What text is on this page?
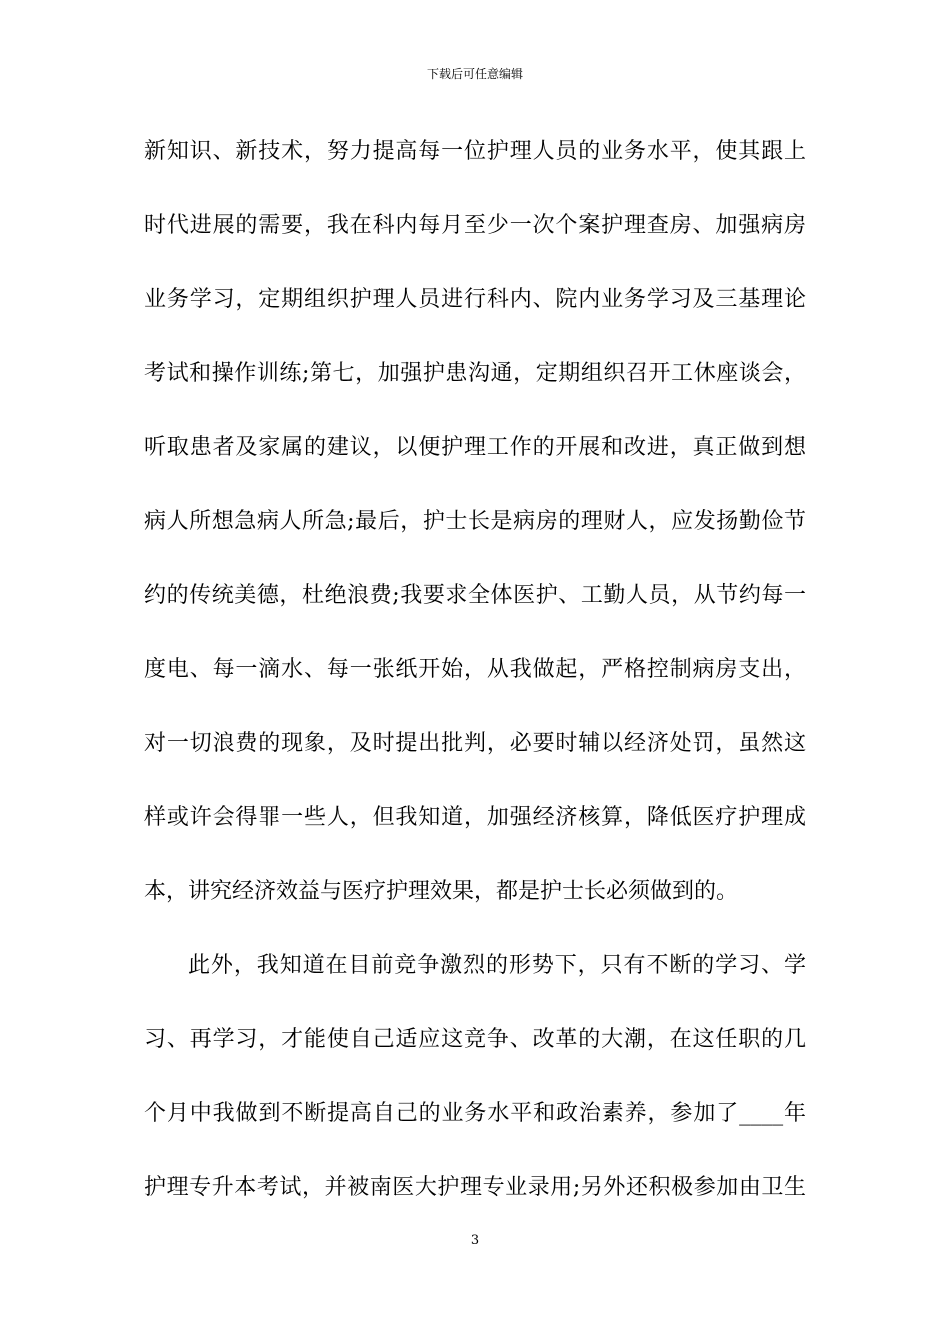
下载后可任意编辑
新知识、新技术，努力提高每一位护理人员的业务水平，使其跟上
时代进展的需要，我在科内每月至少一次个案护理查房、加强病房
业务学习，定期组织护理人员进行科内、院内业务学习及三基理论
考试和操作训练;第七，加强护患沟通，定期组织召开工休座谈会，
听取患者及家属的建议，以便护理工作的开展和改进，真正做到想
病人所想急病人所急;最后，护士长是病房的理财人，应发扬勤俭节
约的传统美德，杜绝浪费;我要求全体医护、工勤人员，从节约每一
度电、每一滴水、每一张纸开始，从我做起，严格控制病房支出，
对一切浪费的现象，及时提出批判，必要时辅以经济处罚，虽然这
样或许会得罪一些人，但我知道，加强经济核算，降低医疗护理成
本，讲究经济效益与医疗护理效果，都是护士长必须做到的。
此外，我知道在目前竞争激烈的形势下，只有不断的学习、学
习、再学习，才能使自己适应这竞争、改革的大潮，在这任职的几
个月中我做到不断提高自己的业务水平和政治素养，参加了____年
护理专升本考试，并被南医大护理专业录用;另外还积极参加由卫生
3
